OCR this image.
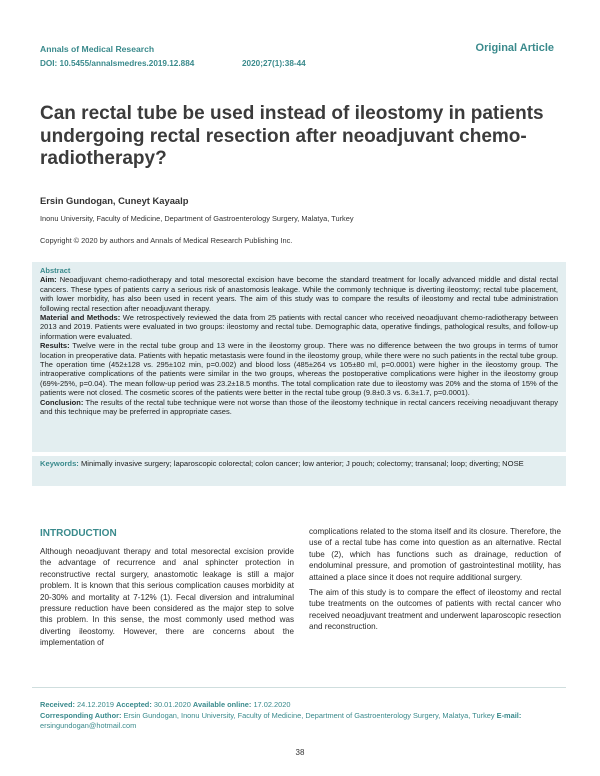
Annals of Medical Research
DOI: 10.5455/annalsmedres.2019.12.884	2020;27(1):38-44
Original Article
Can rectal tube be used instead of ileostomy in patients undergoing rectal resection after neoadjuvant chemo-radiotherapy?
Ersin Gundogan, Cuneyt Kayaalp
Inonu University, Faculty of Medicine, Department of Gastroenterology Surgery, Malatya, Turkey
Copyright © 2020 by authors and Annals of Medical Research Publishing Inc.

Abstract

Aim: Neoadjuvant chemo-radiotherapy and total mesorectal excision have become the standard treatment for locally advanced middle and distal rectal cancers. These types of patients carry a serious risk of anastomosis leakage. While the commonly technique is diverting ileostomy; rectal tube placement, with lower morbidity, has also been used in recent years. The aim of this study was to compare the results of ileostomy and rectal tube administration following rectal resection after neoadjuvant therapy.

Material and Methods: We retrospectively reviewed the data from 25 patients with rectal cancer who received neoadjuvant chemo-radiotherapy between 2013 and 2019. Patients were evaluated in two groups: ileostomy and rectal tube. Demographic data, operative findings, pathological results, and follow-up information were evaluated.

Results: Twelve were in the rectal tube group and 13 were in the ileostomy group. There was no difference between the two groups in terms of tumor location in preoperative data. Patients with hepatic metastasis were found in the ileostomy group, while there were no such patients in the rectal tube group. The operation time (452±128 vs. 295±102 min, p=0.002) and blood loss (485±264 vs 105±80 ml, p=0.0001) were higher in the ileostomy group. The intraoperative complications of the patients were similar in the two groups, whereas the postoperative complications were higher in the ileostomy group (69%-25%, p=0.04). The mean follow-up period was 23.2±18.5 months. The total complication rate due to ileostomy was 20% and the stoma of 15% of the patients were not closed. The cosmetic scores of the patients were better in the rectal tube group (9.8±0.3 vs. 6.3±1.7, p=0.0001).

Conclusion: The results of the rectal tube technique were not worse than those of the ileostomy technique in rectal cancers receiving neoadjuvant therapy and this technique may be preferred in appropriate cases.

Keywords: Minimally invasive surgery; laparoscopic colorectal; colon cancer; low anterior; J pouch; colectomy; transanal; loop; diverting; NOSE
INTRODUCTION

Although neoadjuvant therapy and total mesorectal excision provide the advantage of recurrence and anal sphincter protection in reconstructive rectal surgery, anastomotic leakage is still a major problem. It is known that this serious complication causes morbidity at 20-30% and mortality at 7-12% (1). Fecal diversion and intraluminal pressure reduction have been considered as the major step to solve this problem. In this sense, the most commonly used method was diverting ileostomy. However, there are concerns about the implementation of

complications related to the stoma itself and its closure. Therefore, the use of a rectal tube has come into question as an alternative. Rectal tube (2), which has functions such as drainage, reduction of endoluminal pressure, and promotion of gastrointestinal motility, has attained a place since it does not require additional surgery.

The aim of this study is to compare the effect of ileostomy and rectal tube treatments on the outcomes of patients with rectal cancer who received neoadjuvant treatment and underwent laparoscopic resection and reconstruction.

Received: 24.12.2019 Accepted: 30.01.2020 Available online: 17.02.2020
Corresponding Author: Ersin Gundogan, Inonu University, Faculty of Medicine, Department of Gastroenterology Surgery, Malatya, Turkey E-mail: ersingundogan@hotmail.com
38
